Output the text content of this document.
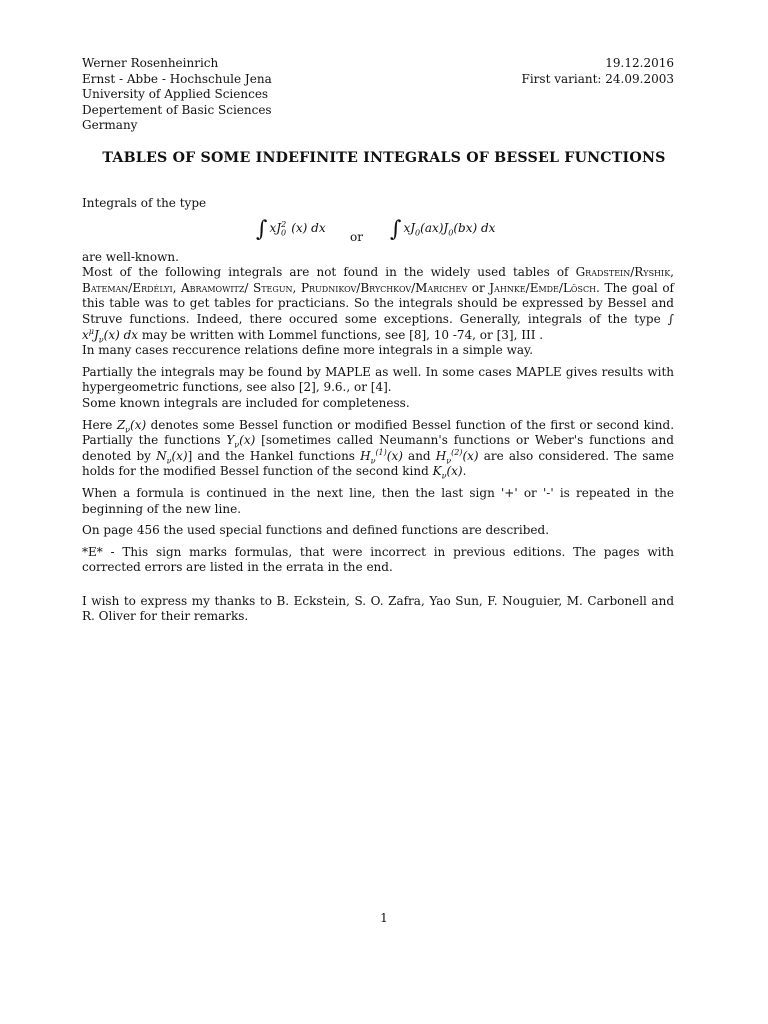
Werner Rosenheinrich
Ernst - Abbe - Hochschule Jena
University of Applied Sciences
Depertement of Basic Sciences
Germany
19.12.2016
First variant: 24.09.2003
TABLES OF SOME INDEFINITE INTEGRALS OF BESSEL FUNCTIONS

Integrals of the type

∫ $xJ_0^2$ (x) dx
or ∫ $xJ_0(ax)J_0(bx)$ dx

are well-known.

Most of the following integrals are not found in the widely used tables of Gradstein/Ryshik, Bateman/Erdélyi, Abramowitz/ Stegun, Prudnikov/Brychkov/Marichev or Jahnke/Emde/Lösch. The goal of this table was to get tables for practicians. So the integrals should be expressed by Bessel and Struve functions. Indeed, there occured some exceptions. Generally, integrals of the type ∫ $x^\mu J_\nu(x)$ dx may be written with Lommel functions, see [8], 10 -74, or [3], III .

In many cases reccurence relations define more integrals in a simple way.

Partially the integrals may be found by MAPLE as well. In some cases MAPLE gives results with hypergeometric functions, see also [2], 9.6., or [4].

Some known integrals are included for completeness.

Here $Z_\nu(x)$ denotes some Bessel function or modified Bessel function of the first or second kind. Partially the functions $Y_\nu(x)$ [sometimes called Neumann's functions or Weber's functions and denoted by $N_\nu(x)$] and the Hankel functions $H_\nu^{(1)}(x)$ and $H_\nu^{(2)}(x)$ are also considered. The same holds for the modified Bessel function of the second kind $K_\nu(x)$.

When a formula is continued in the next line, then the last sign '+' or '-' is repeated in the beginning of the new line.

On page 456 the used special functions and defined functions are described.

*E* - This sign marks formulas, that were incorrect in previous editions. The pages with corrected errors are listed in the errata in the end.

I wish to express my thanks to B. Eckstein, S. O. Zafra, Yao Sun, F. Nouguier, M. Carbonell and R. Oliver for their remarks.

1
